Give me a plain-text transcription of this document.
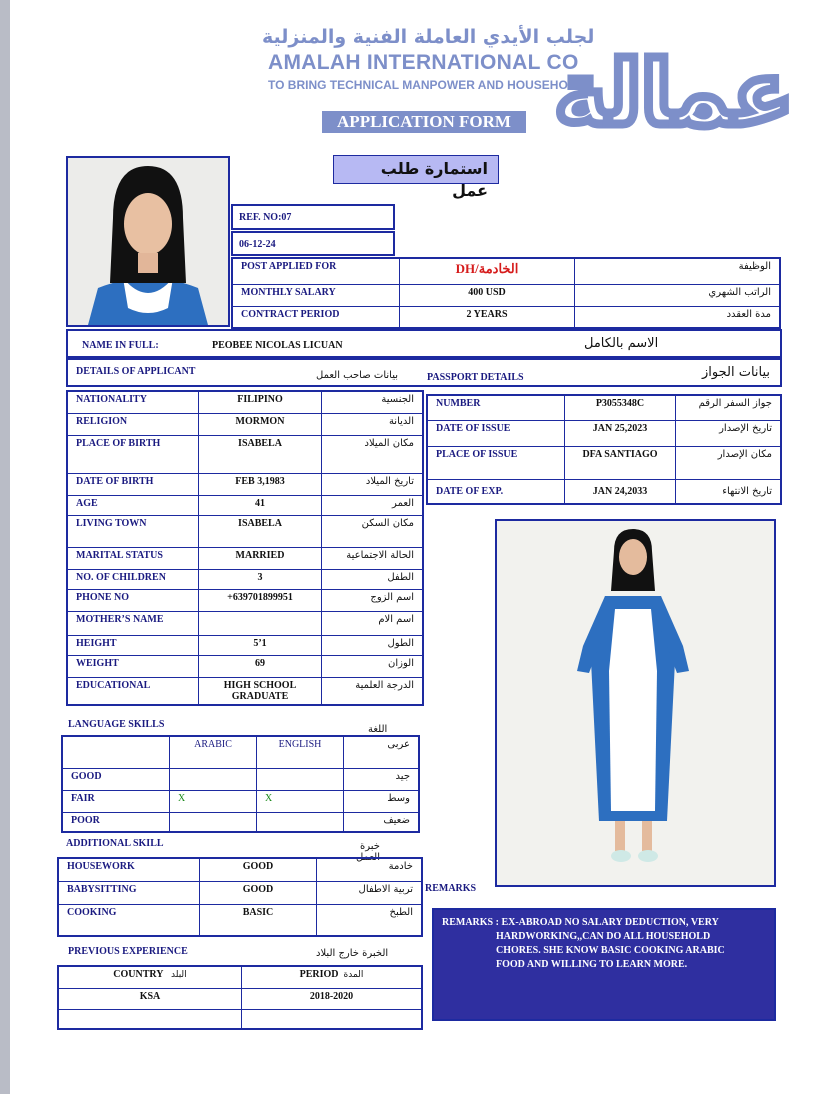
لجلب الأيدي العاملة الفنية والمنزلية
AMALAH INTERNATIONAL CO
TO BRING TECHNICAL MANPOWER AND HOUSEHOLD
APPLICATION FORM عمالة
استمارة طلب عمل
REF. NO:07
06-12-24
POST APPLIED FOR	DH/الخادمة	الوظيفة
MONTHLY SALARY	400 USD	الراتب الشهري
CONTRACT PERIOD	2 YEARS	مدة العقدد
NAME IN FULL:	PEOBEE NICOLAS LICUAN	الاسم بالكامل
DETAILS OF APPLICANT	بيانات صاحب العمل	PASSPORT DETAILS	بيانات الجواز
NATIONALITY	FILIPINO	الجنسية
RELIGION	MORMON	الديانة
PLACE OF BIRTH	ISABELA	مكان الميلاد
DATE OF BIRTH	FEB 3,1983	تاريخ الميلاد
AGE	41	العمر
LIVING TOWN	ISABELA	مكان السكن
MARITAL STATUS	MARRIED	الحالة الاجتماعية
NO. OF CHILDREN	3	الطفل
PHONE NO	+639701899951	اسم الزوج
MOTHER’S NAME		اسم الام
HEIGHT	5’1	الطول
WEIGHT	69	الوزان
EDUCATIONAL	HIGH SCHOOL GRADUATE	الدرجة العلمية
NUMBER	P3055348C	جواز السفر الرقم
DATE OF ISSUE	JAN 25,2023	تاريخ الإصدار
PLACE OF ISSUE	DFA SANTIAGO	مكان الإصدار
DATE OF EXP.	JAN 24,2033	تاريخ الانتهاء
LANGUAGE SKILLS	اللغة
	ARABIC	ENGLISH	عربى
GOOD			جيد
FAIR	X	X	وسط
POOR			ضعيف
ADDITIONAL SKILL	خبرة العمل
HOUSEWORK	GOOD	خادمة
BABYSITTING	GOOD	تربية الاطفال
COOKING	BASIC	الطبخ
PREVIOUS EXPERIENCE	الخبرة خارج البلاد
COUNTRY البلد	PERIOD المدة
KSA	2018-2020

REMARKS
REMARKS : EX-ABROAD NO SALARY DEDUCTION, VERY
HARDWORKING,,CAN DO ALL HOUSEHOLD
CHORES. SHE KNOW BASIC COOKING ARABIC
FOOD AND WILLING TO LEARN MORE.
